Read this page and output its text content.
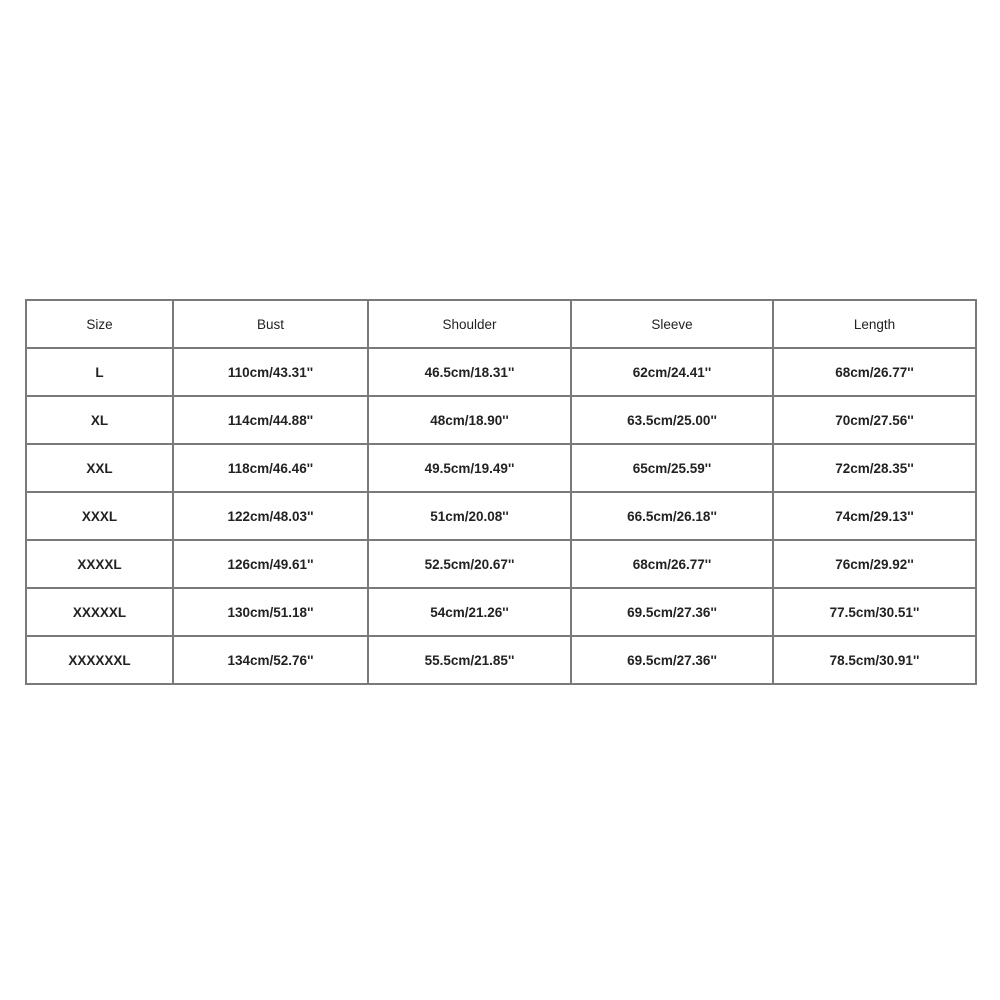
Size	Bust	Shoulder	Sleeve	Length
L	110cm/43.31''	46.5cm/18.31''	62cm/24.41''	68cm/26.77''
XL	114cm/44.88''	48cm/18.90''	63.5cm/25.00''	70cm/27.56''
XXL	118cm/46.46''	49.5cm/19.49''	65cm/25.59''	72cm/28.35''
XXXL	122cm/48.03''	51cm/20.08''	66.5cm/26.18''	74cm/29.13''
XXXXL	126cm/49.61''	52.5cm/20.67''	68cm/26.77''	76cm/29.92''
XXXXXL	130cm/51.18''	54cm/21.26''	69.5cm/27.36''	77.5cm/30.51''
XXXXXXL	134cm/52.76''	55.5cm/21.85''	69.5cm/27.36''	78.5cm/30.91''
